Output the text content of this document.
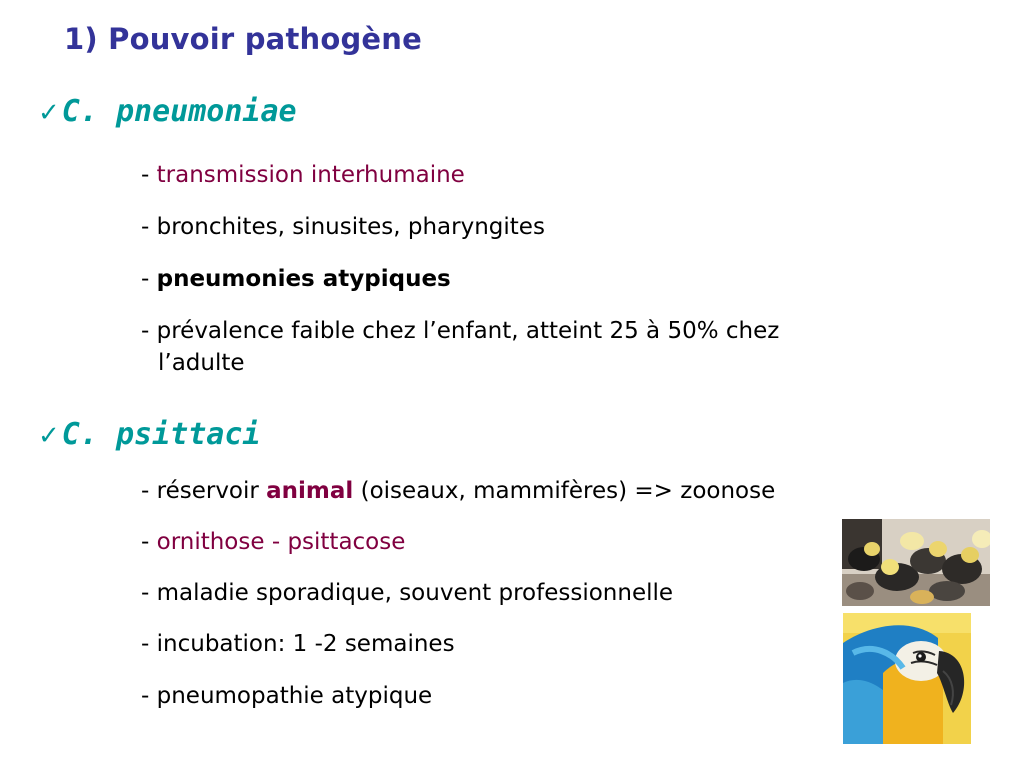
1) Pouvoir pathogène
✓C. pneumoniae
- transmission interhumaine
- bronchites, sinusites, pharyngites
- pneumonies atypiques
- prévalence faible chez l’enfant, atteint 25 à 50% chez
l’adulte
✓C. psittaci
- réservoir animal (oiseaux, mammifères) => zoonose
- ornithose - psittacose
- maladie sporadique, souvent professionnelle
- incubation: 1 -2 semaines
- pneumopathie atypique
